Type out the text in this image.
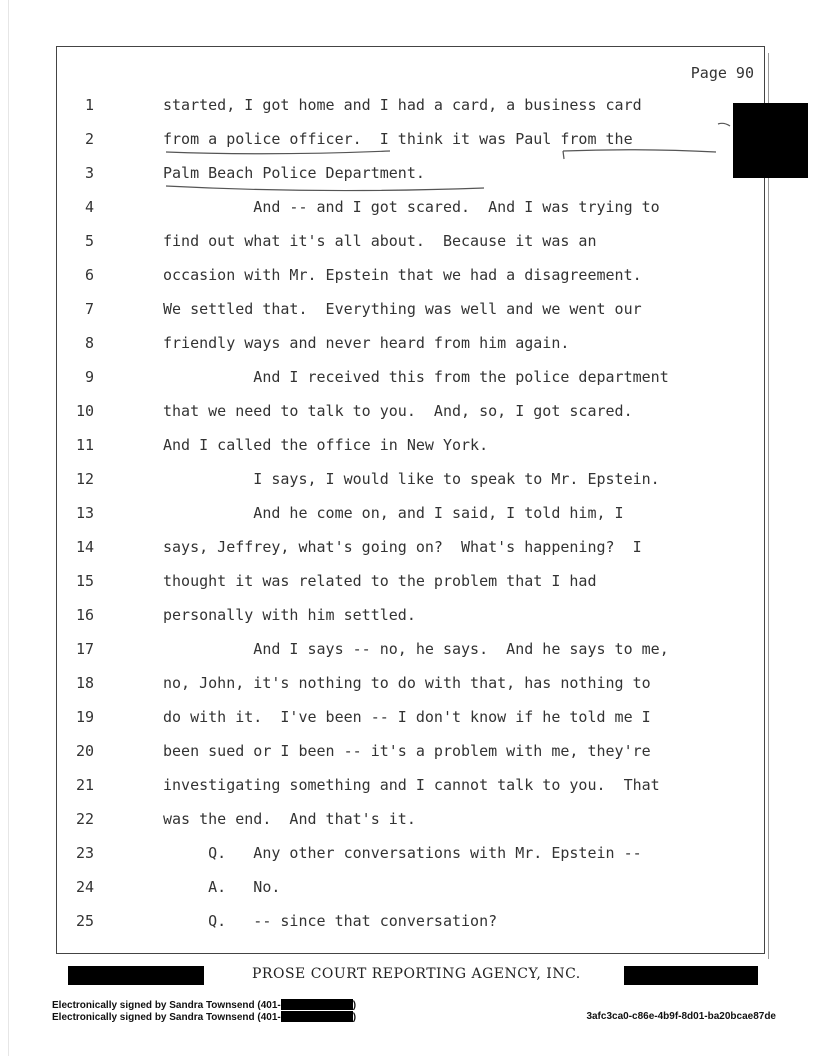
Page 90
1	started, I got home and I had a card, a business card
2	from a police officer.  I think it was Paul from the
3	Palm Beach Police Department.
4	And -- and I got scared.  And I was trying to
5	find out what it's all about.  Because it was an
6	occasion with Mr. Epstein that we had a disagreement.
7	We settled that.  Everything was well and we went our
8	friendly ways and never heard from him again.
9	And I received this from the police department
10	that we need to talk to you.  And, so, I got scared.
11	And I called the office in New York.
12	I says, I would like to speak to Mr. Epstein.
13	And he come on, and I said, I told him, I
14	says, Jeffrey, what's going on?  What's happening?  I
15	thought it was related to the problem that I had
16	personally with him settled.
17	And I says -- no, he says.  And he says to me,
18	no, John, it's nothing to do with that, has nothing to
19	do with it.  I've been -- I don't know if he told me I
20	been sued or I been -- it's a problem with me, they're
21	investigating something and I cannot talk to you.  That
22	was the end.  And that's it.
23	Q.   Any other conversations with Mr. Epstein --
24	A.   No.
25	Q.   -- since that conversation?
PROSE COURT REPORTING AGENCY, INC.
Electronically signed by Sandra Townsend (401-	)
Electronically signed by Sandra Townsend (401-	)	3afc3ca0-c86e-4b9f-8d01-ba20bcae87de
